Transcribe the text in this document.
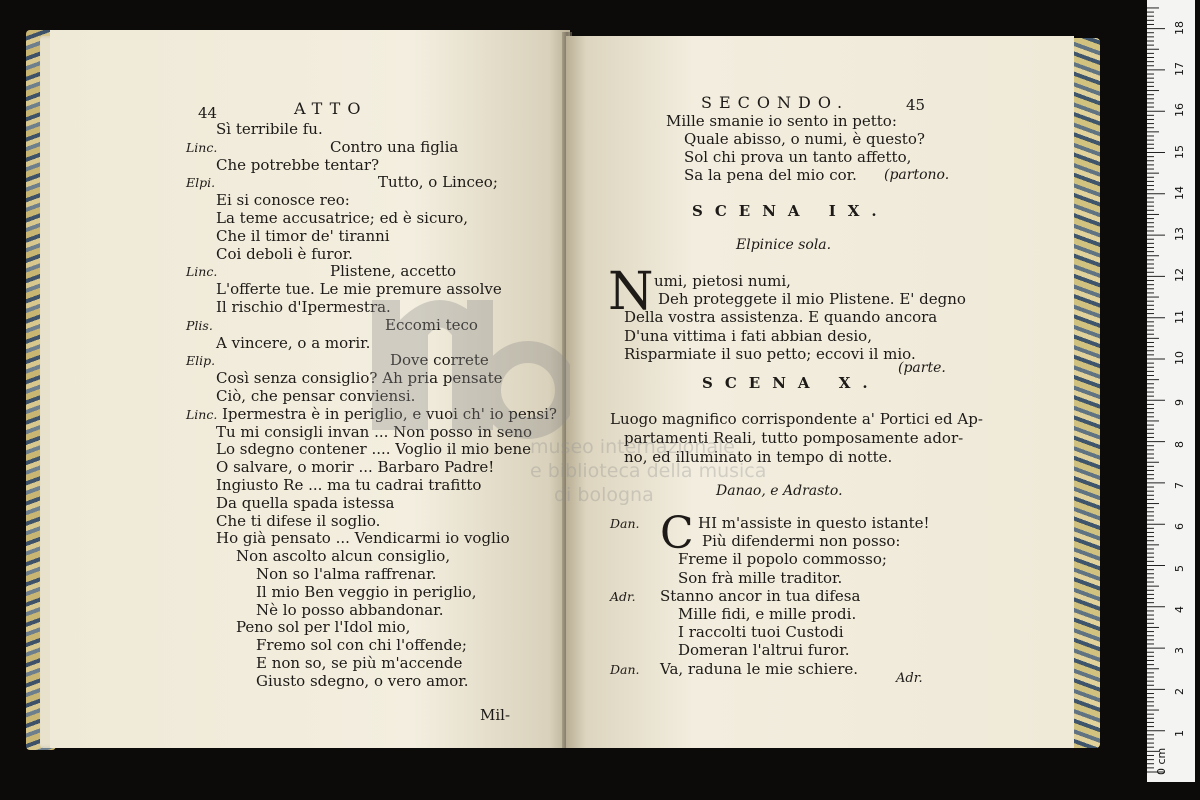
44	ATTO
Sì terribile fu.
Linc.	Contro una figlia
Che potrebbe tentar?
Elpi.	Tutto, o Linceo;
Ei si conosce reo:
La teme accusatrice; ed è sicuro,
Che il timor de' tiranni
Coi deboli è furor.
Linc.	Plistene, accetto
L'offerte tue. Le mie premure assolve
Il rischio d'Ipermestra.
Plis.	Eccomi teco
A vincere, o a morir.
Elip.	Dove correte
Così senza consiglio? Ah pria pensate
Ciò, che pensar conviensi.
Linc. Ipermestra è in periglio, e vuoi ch' io pensi?
Tu mi consigli invan ... Non posso in seno
Lo sdegno contener .... Voglio il mio bene
O salvare, o morir ... Barbaro Padre!
Ingiusto Re ... ma tu cadrai trafitto
Da quella spada istessa
Che ti difese il soglio.
Ho già pensato ... Vendicarmi io voglio
Non ascolto alcun consiglio,
Non so l'alma raffrenar.
Il mio Ben veggio in periglio,
Nè lo posso abbandonar.
Peno sol per l'Idol mio,
Fremo sol con chi l'offende;
E non so, se più m'accende
Giusto sdegno, o vero amor.
Mil-
SECONDO.	45
Mille smanie io sento in petto:
Quale abisso, o numi, è questo?
Sol chi prova un tanto affetto,
Sa la pena del mio cor. (partono.
SCENA IX.
Elpinice sola.
N umi, pietosi numi,
Deh proteggete il mio Plistene. E' degno
Della vostra assistenza. E quando ancora
D'una vittima i fati abbian desio,
Risparmiate il suo petto; eccovi il mio.
(parte.
SCENA X.
Luogo magnifico corrispondente a' Portici ed Ap-
partamenti Reali, tutto pomposamente ador-
no, ed illuminato in tempo di notte.
Danao, e Adrasto.
C
Dan.	HI m'assiste in questo istante!
Più difendermi non posso:
Freme il popolo commosso;
Son frà mille traditor.
Adr. Stanno ancor in tua difesa
Mille fidi, e mille prodi.
I raccolti tuoi Custodi
Domeran l'altrui furor.
Dan. Va, raduna le mie schiere.
Adr.
museo internazionale
e biblioteca della musica
di bologna
0 cm
1
2
3
4
5
6
7
8
9
10
11
12
13
14
15
16
17
18
